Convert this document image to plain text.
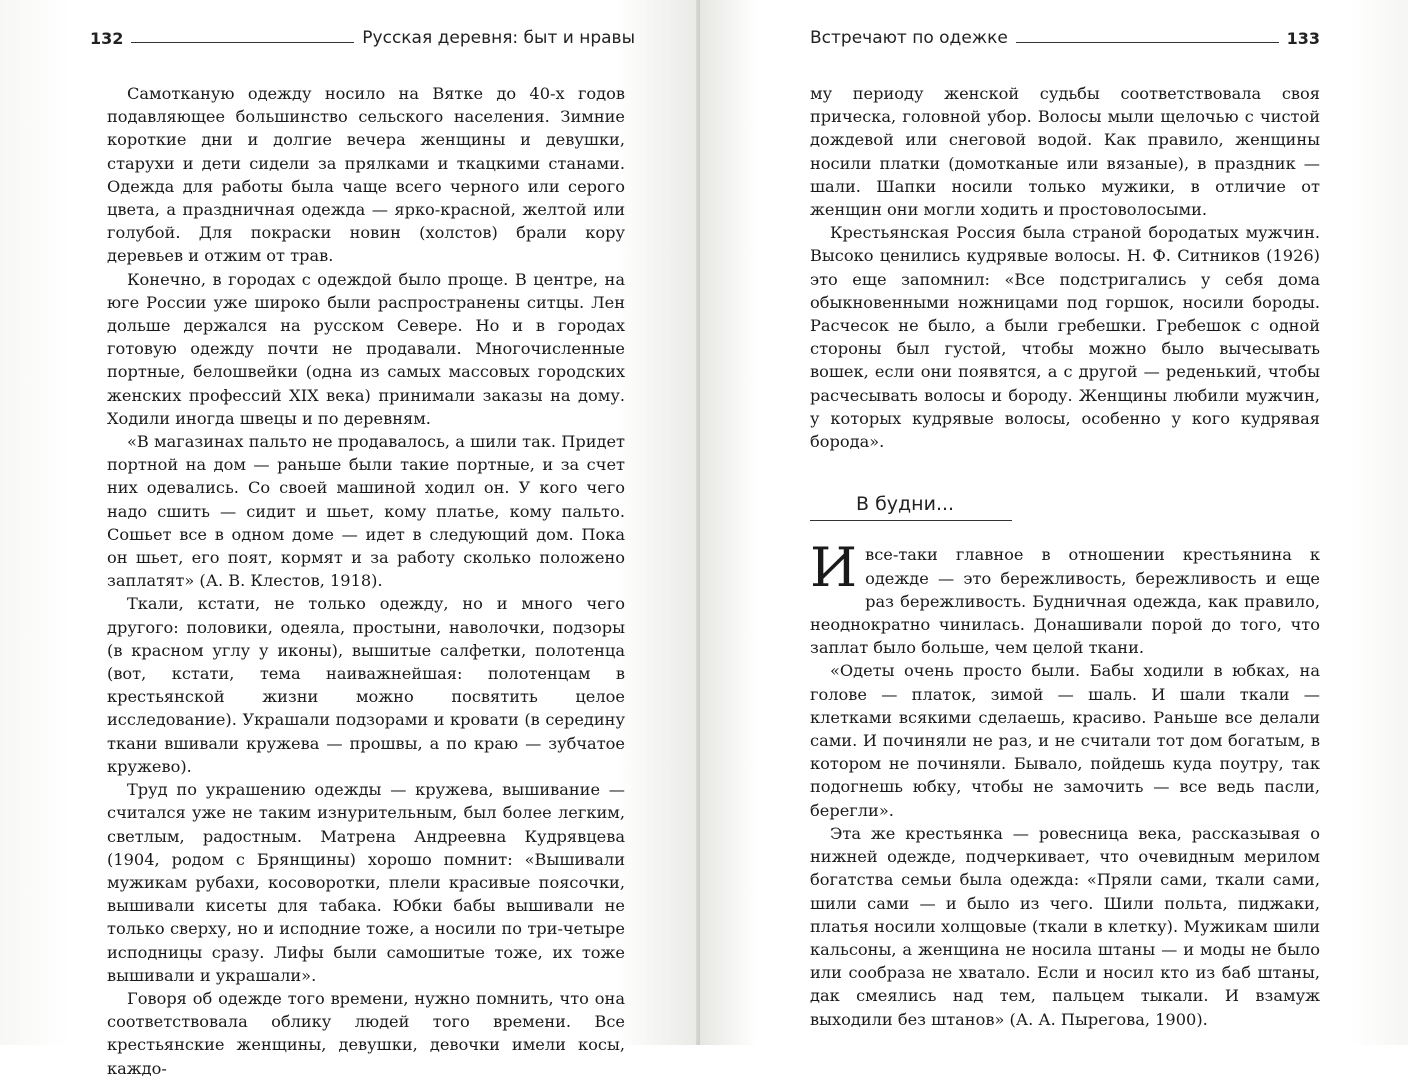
132	Русская деревня: быт и нравы

Самотканую одежду носило на Вятке до 40-х годов подавляющее большинство сельского населения. Зимние короткие дни и долгие вечера женщины и девушки, старухи и дети сидели за прялками и ткацкими станами. Одежда для работы была чаще всего черного или серого цвета, а праздничная одежда — ярко-красной, желтой или голубой. Для покраски новин (холстов) брали кору деревьев и отжим от трав.

Конечно, в городах с одеждой было проще. В центре, на юге России уже широко были распространены ситцы. Лен дольше держался на русском Севере. Но и в городах готовую одежду почти не продавали. Многочисленные портные, белошвейки (одна из самых массовых городских женских профессий XIX века) принимали заказы на дому. Ходили иногда швецы и по деревням.

«В магазинах пальто не продавалось, а шили так. Придет портной на дом — раньше были такие портные, и за счет них одевались. Со своей машиной ходил он. У кого чего надо сшить — сидит и шьет, кому платье, кому пальто. Сошьет все в одном доме — идет в следующий дом. Пока он шьет, его поят, кормят и за работу сколько положено заплатят» (А. В. Клестов, 1918).

Ткали, кстати, не только одежду, но и много чего другого: половики, одеяла, простыни, наволочки, подзоры (в красном углу у иконы), вышитые салфетки, полотенца (вот, кстати, тема наиважнейшая: полотенцам в крестьянской жизни можно посвятить целое исследование). Украшали подзорами и кровати (в середину ткани вшивали кружева — прошвы, а по краю — зубчатое кружево).

Труд по украшению одежды — кружева, вышивание — считался уже не таким изнурительным, был более легким, светлым, радостным. Матрена Андреевна Кудрявцева (1904, родом с Брянщины) хорошо помнит: «Вышивали мужикам рубахи, косоворотки, плели красивые поясочки, вышивали кисеты для табака. Юбки бабы вышивали не только сверху, но и исподние тоже, а носили по три-четыре исподницы сразу. Лифы были самошитые тоже, их тоже вышивали и украшали».

Говоря об одежде того времени, нужно помнить, что она соответствовала облику людей того времени. Все крестьянские женщины, девушки, девочки имели косы, каждо-

Встречают по одежке	133

му периоду женской судьбы соответствовала своя прическа, головной убор. Волосы мыли щелочью с чистой дождевой или снеговой водой. Как правило, женщины носили платки (домотканые или вязаные), в праздник — шали. Шапки носили только мужики, в отличие от женщин они могли ходить и простоволосыми.

Крестьянская Россия была страной бородатых мужчин. Высоко ценились кудрявые волосы. Н. Ф. Ситников (1926) это еще запомнил: «Все подстригались у себя дома обыкновенными ножницами под горшок, носили бороды. Расчесок не было, а были гребешки. Гребешок с одной стороны был густой, чтобы можно было вычесывать вошек, если они появятся, а с другой — реденький, чтобы расчесывать волосы и бороду. Женщины любили мужчин, у которых кудрявые волосы, особенно у кого кудрявая борода».

В будни...

И все-таки главное в отношении крестьянина к одежде — это бережливость, бережливость и еще раз бережливость. Будничная одежда, как правило, неоднократно чинилась. Донашивали порой до того, что заплат было больше, чем целой ткани.

«Одеты очень просто были. Бабы ходили в юбках, на голове — платок, зимой — шаль. И шали ткали — клетками всякими сделаешь, красиво. Раньше все делали сами. И починяли не раз, и не считали тот дом богатым, в котором не починяли. Бывало, пойдешь куда поутру, так подогнешь юбку, чтобы не замочить — все ведь пасли, берегли».

Эта же крестьянка — ровесница века, рассказывая о нижней одежде, подчеркивает, что очевидным мерилом богатства семьи была одежда: «Пряли сами, ткали сами, шили сами — и было из чего. Шили польта, пиджаки, платья носили холщовые (ткали в клетку). Мужикам шили кальсоны, а женщина не носила штаны — и моды не было или сообраза не хватало. Если и носил кто из баб штаны, дак смеялись над тем, пальцем тыкали. И взамуж выходили без штанов» (А. А. Пырегова, 1900).
